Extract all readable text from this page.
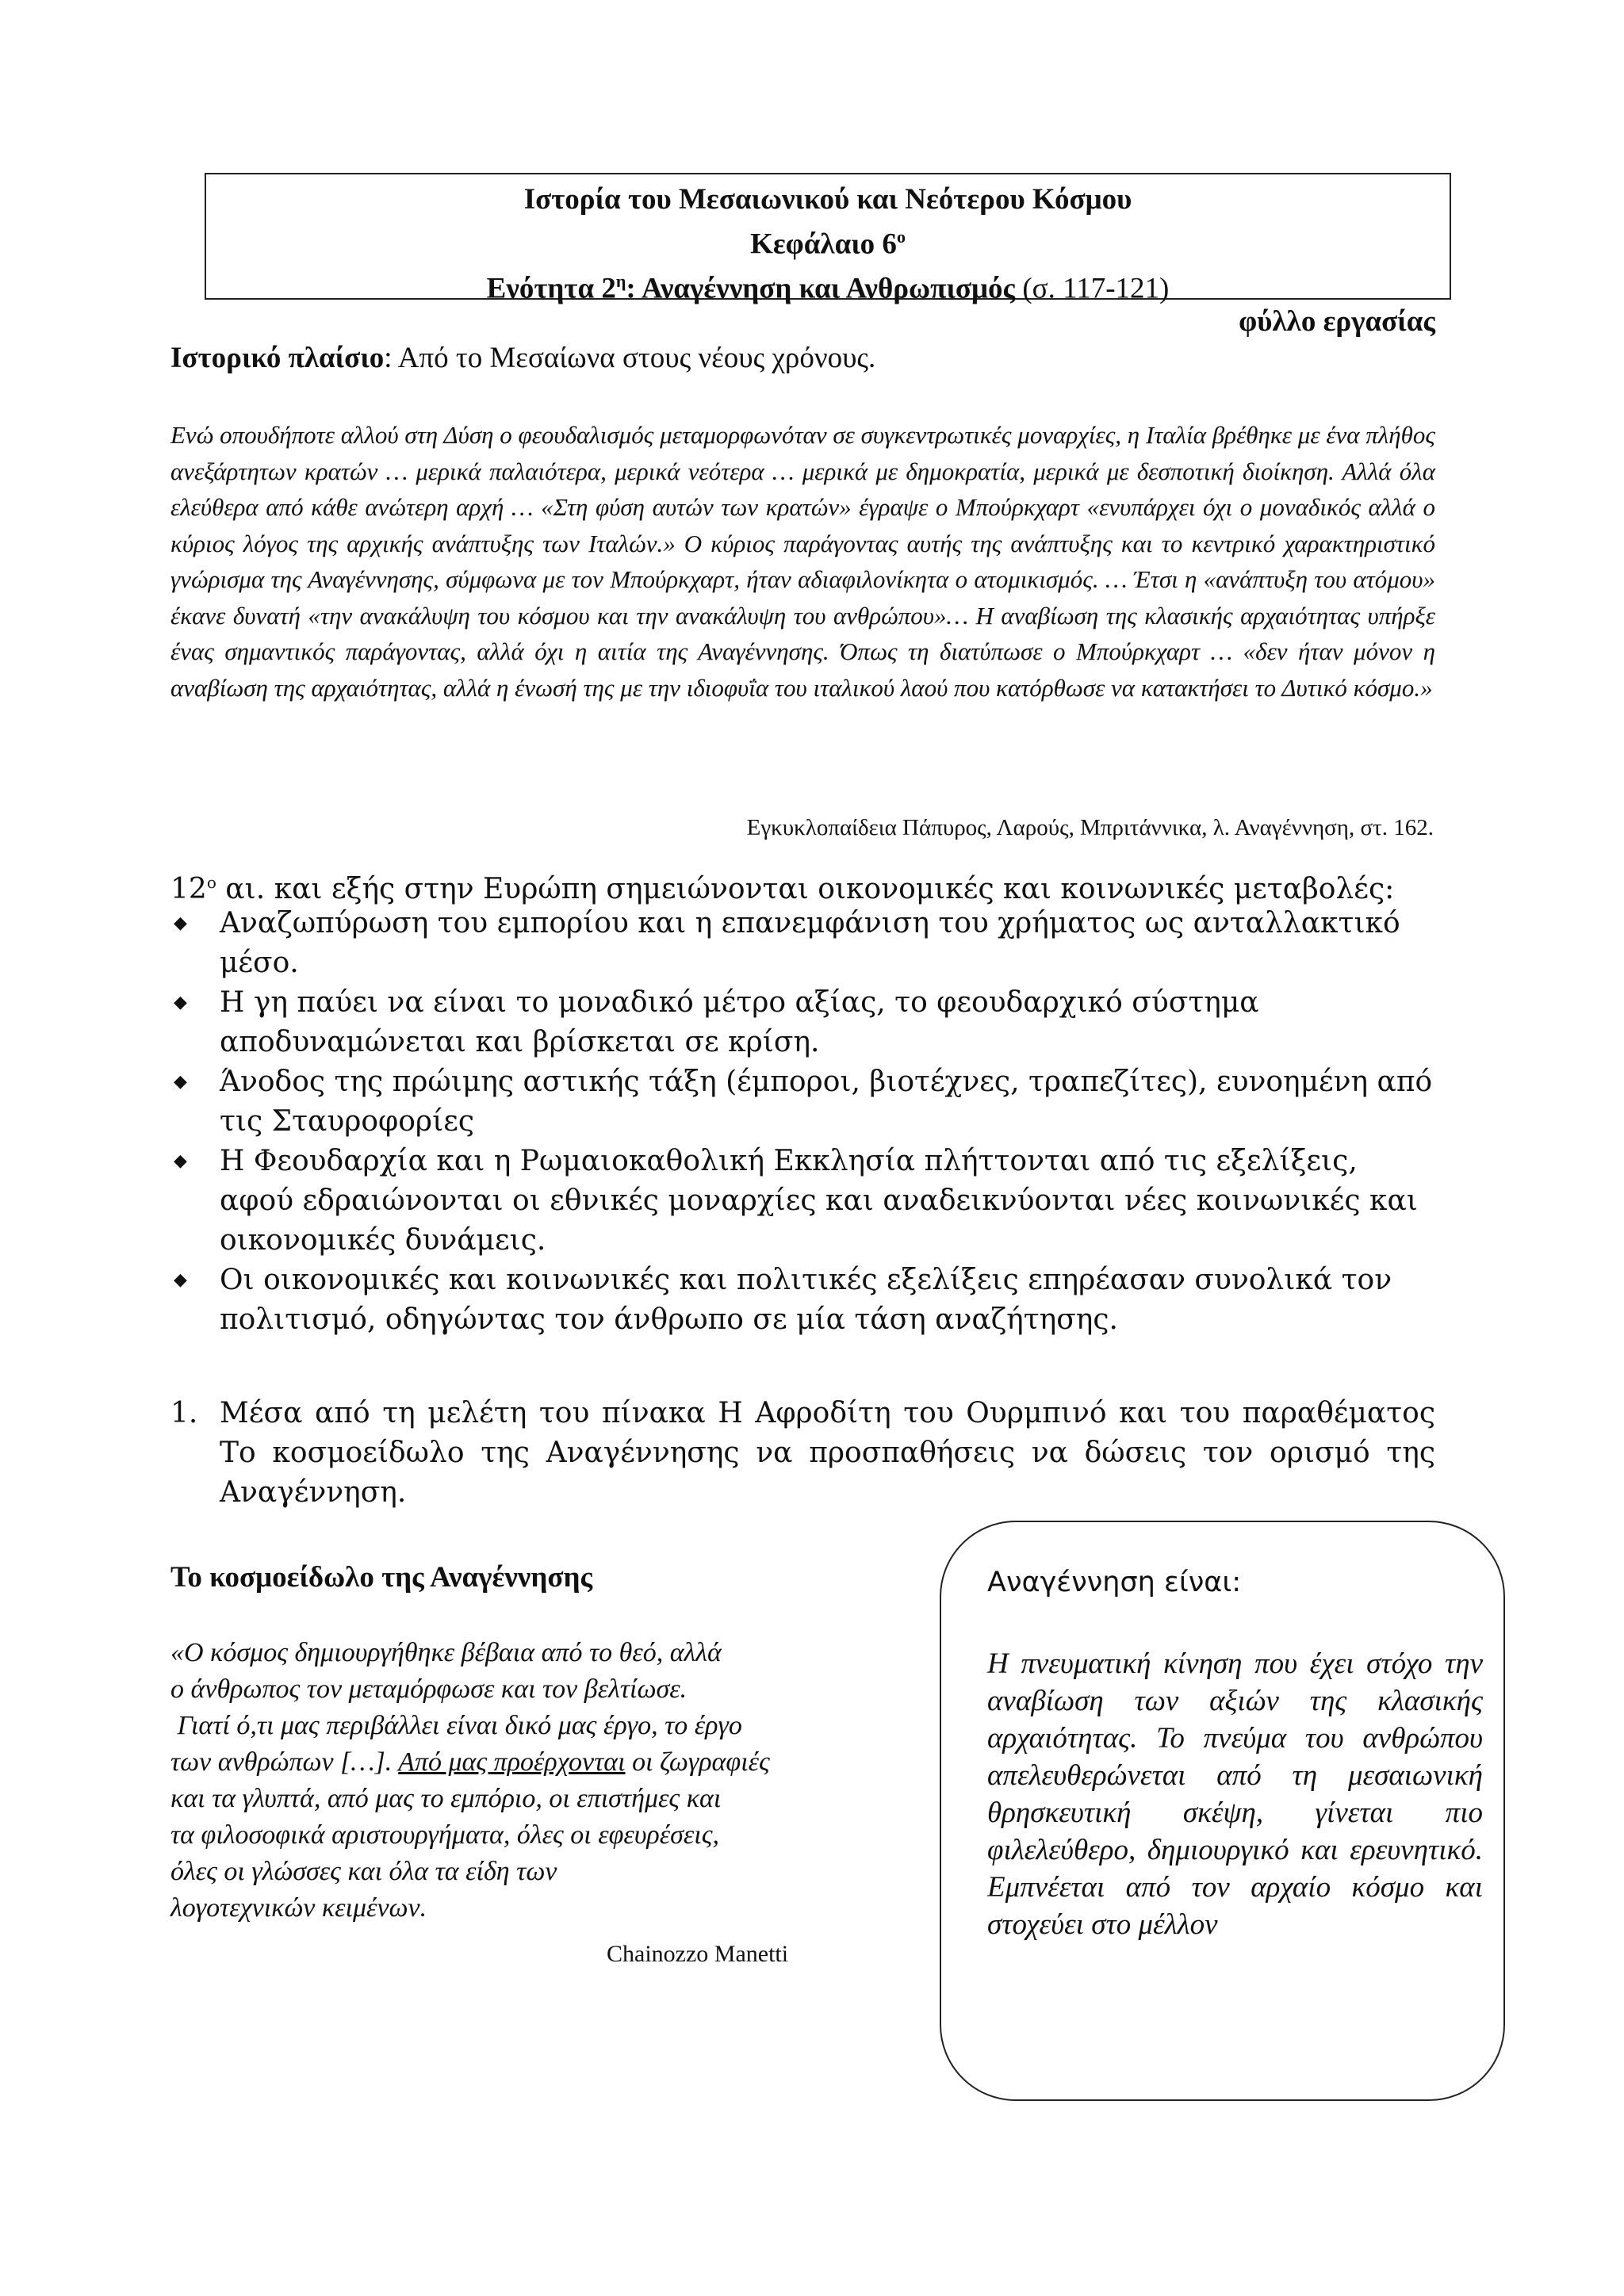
Ιστορία του Μεσαιωνικού και Νεότερου Κόσμου
Κεφάλαιο $6^o$
Ενότητα $2^\eta$: Αναγέννηση και Ανθρωπισμός (σ. 117-121)
φύλλο εργασίας
Ιστορικό πλαίσιο: Από το Μεσαίωνα στους νέους χρόνους.
Ενώ οπουδήποτε αλλού στη Δύση ο φεουδαλισμός μεταμορφωνόταν σε συγκεντρωτικές μοναρχίες, η Ιταλία βρέθηκε με ένα πλήθος ανεξάρτητων κρατών … μερικά παλαιότερα, μερικά νεότερα … μερικά με δημοκρατία, μερικά με δεσποτική διοίκηση. Αλλά όλα ελεύθερα από κάθε ανώτερη αρχή … «Στη φύση αυτών των κρατών» έγραψε ο Μπούρκχαρτ «ενυπάρχει όχι ο μοναδικός αλλά ο κύριος λόγος της αρχικής ανάπτυξης των Ιταλών.» Ο κύριος παράγοντας αυτής της ανάπτυξης και το κεντρικό χαρακτηριστικό γνώρισμα της Αναγέννησης, σύμφωνα με τον Μπούρκχαρτ, ήταν αδιαφιλονίκητα ο ατομικισμός. … Έτσι η «ανάπτυξη του ατόμου» έκανε δυνατή «την ανακάλυψη του κόσμου και την ανακάλυψη του ανθρώπου»… Η αναβίωση της κλασικής αρχαιότητας υπήρξε ένας σημαντικός παράγοντας, αλλά όχι η αιτία της Αναγέννησης. Όπως τη διατύπωσε ο Μπούρκχαρτ … «δεν ήταν μόνον η αναβίωση της αρχαιότητας, αλλά η ένωσή της με την ιδιοφυΐα του ιταλικού λαού που κατόρθωσε να κατακτήσει το Δυτικό κόσμο.»
Εγκυκλοπαίδεια Πάπυρος, Λαρούς, Μπριτάννικα, λ. Αναγέννηση, στ. 162.
$12^o$ αι. και εξής στην Ευρώπη σημειώνονται οικονομικές και κοινωνικές μεταβολές:
◆ Αναζωπύρωση του εμπορίου και η επανεμφάνιση του χρήματος ως ανταλλακτικό μέσο.
◆ Η γη παύει να είναι το μοναδικό μέτρο αξίας, το φεουδαρχικό σύστημα αποδυναμώνεται και βρίσκεται σε κρίση.
◆ Άνοδος της πρώιμης αστικής τάξη (έμποροι, βιοτέχνες, τραπεζίτες), ευνοημένη από τις Σταυροφορίες
◆ Η Φεουδαρχία και η Ρωμαιοκαθολική Εκκλησία πλήττονται από τις εξελίξεις, αφού εδραιώνονται οι εθνικές μοναρχίες και αναδεικνύονται νέες κοινωνικές και οικονομικές δυνάμεις.
◆ Οι οικονομικές και κοινωνικές και πολιτικές εξελίξεις επηρέασαν συνολικά τον πολιτισμό, οδηγώντας τον άνθρωπο σε μία τάση αναζήτησης.
1. Μέσα από τη μελέτη του πίνακα Η Αφροδίτη του Ουρμπινό και του παραθέματος Το κοσμοείδωλο της Αναγέννησης να προσπαθήσεις να δώσεις τον ορισμό της Αναγέννηση.
Το κοσμοείδωλο της Αναγέννησης
«Ο κόσμος δημιουργήθηκε βέβαια από το θεό, αλλά
ο άνθρωπος τον μεταμόρφωσε και τον βελτίωσε.
Γιατί ό,τι μας περιβάλλει είναι δικό μας έργο, το έργο
των ανθρώπων […]. Από μας προέρχονται οι ζωγραφιές
και τα γλυπτά, από μας το εμπόριο, οι επιστήμες και
τα φιλοσοφικά αριστουργήματα, όλες οι εφευρέσεις,
όλες οι γλώσσες και όλα τα είδη των
λογοτεχνικών κειμένων.
Chainozzo Manetti
Αναγέννηση είναι:
Η πνευματική κίνηση που έχει στόχο την αναβίωση των αξιών της κλασικής αρχαιότητας. Το πνεύμα του ανθρώπου απελευθερώνεται από τη μεσαιωνική θρησκευτική σκέψη, γίνεται πιο φιλελεύθερο, δημιουργικό και ερευνητικό. Εμπνέεται από τον αρχαίο κόσμο και στοχεύει στο μέλλον
